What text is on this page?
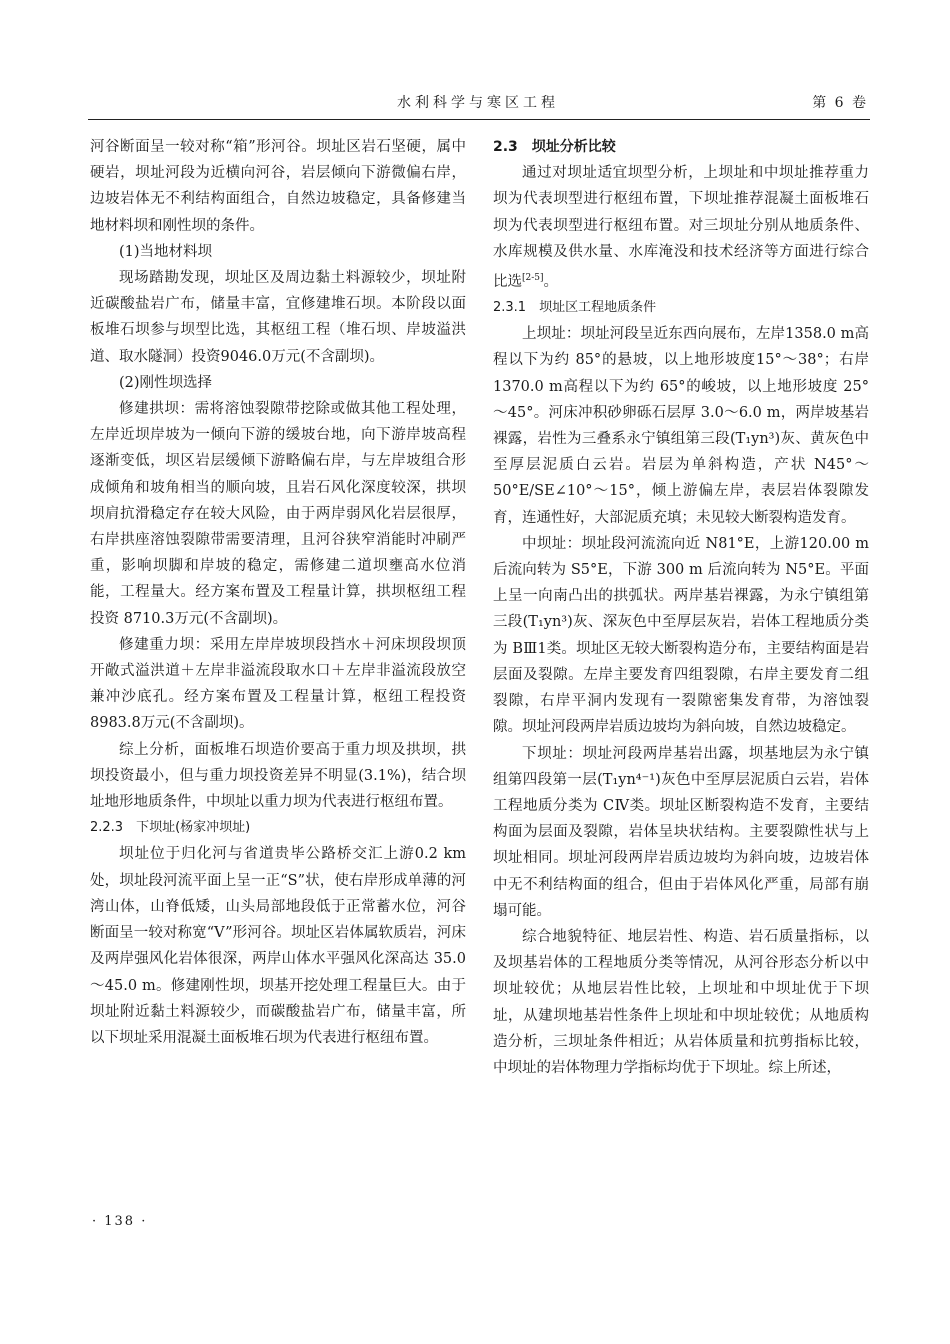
水利科学与寒区工程	第 6 卷

河谷断面呈一较对称“箱”形河谷。坝址区岩石坚硬，属中硬岩，坝址河段为近横向河谷，岩层倾向下游微偏右岸，边坡岩体无不利结构面组合，自然边坡稳定，具备修建当地材料坝和刚性坝的条件。

(1)当地材料坝

现场踏勘发现，坝址区及周边黏土料源较少，坝址附近碳酸盐岩广布，储量丰富，宜修建堆石坝。本阶段以面板堆石坝参与坝型比选，其枢纽工程（堆石坝、岸坡溢洪道、取水隧洞）投资9046.0万元(不含副坝)。

(2)刚性坝选择

修建拱坝：需将溶蚀裂隙带挖除或做其他工程处理，左岸近坝岸坡为一倾向下游的缓坡台地，向下游岸坡高程逐渐变低，坝区岩层缓倾下游略偏右岸，与左岸坡组合形成倾角和坡角相当的顺向坡，且岩石风化深度较深，拱坝坝肩抗滑稳定存在较大风险，由于两岸弱风化岩层很厚，右岸拱座溶蚀裂隙带需要清理，且河谷狭窄消能时冲刷严重，影响坝脚和岸坡的稳定，需修建二道坝壅高水位消能，工程量大。经方案布置及工程量计算，拱坝枢纽工程投资 8710.3万元(不含副坝)。

修建重力坝：采用左岸岸坡坝段挡水＋河床坝段坝顶开敞式溢洪道＋左岸非溢流段取水口＋左岸非溢流段放空兼冲沙底孔。经方案布置及工程量计算，枢纽工程投资 8983.8万元(不含副坝)。

综上分析，面板堆石坝造价要高于重力坝及拱坝，拱坝投资最小，但与重力坝投资差异不明显(3.1%)，结合坝址地形地质条件，中坝址以重力坝为代表进行枢纽布置。

2.2.3　下坝址(杨家冲坝址)

坝址位于归化河与省道贵毕公路桥交汇上游0.2 km处，坝址段河流平面上呈一正“S”状，使右岸形成单薄的河湾山体，山脊低矮，山头局部地段低于正常蓄水位，河谷断面呈一较对称宽“V”形河谷。坝址区岩体属软质岩，河床及两岸强风化岩体很深，两岸山体水平强风化深高达 35.0～45.0 m。修建刚性坝，坝基开挖处理工程量巨大。由于坝址附近黏土料源较少，而碳酸盐岩广布，储量丰富，所以下坝址采用混凝土面板堆石坝为代表进行枢纽布置。

2.3　坝址分析比较

通过对坝址适宜坝型分析，上坝址和中坝址推荐重力坝为代表坝型进行枢纽布置，下坝址推荐混凝土面板堆石坝为代表坝型进行枢纽布置。对三坝址分别从地质条件、水库规模及供水量、水库淹没和技术经济等方面进行综合比选[2-5]。

2.3.1　坝址区工程地质条件

上坝址：坝址河段呈近东西向展布，左岸1358.0 m高程以下为约 85°的悬坡，以上地形坡度15°～38°；右岸 1370.0 m高程以下为约 65°的峻坡，以上地形坡度 25°～45°。河床冲积砂卵砾石层厚 3.0～6.0 m，两岸坡基岩裸露，岩性为三叠系永宁镇组第三段(T₁yn³)灰、黄灰色中至厚层泥质白云岩。岩层为单斜构造，产状 N45°～50°E/SE∠10°～15°，倾上游偏左岸，表层岩体裂隙发育，连通性好，大部泥质充填；未见较大断裂构造发育。

中坝址：坝址段河流流向近 N81°E，上游120.00 m后流向转为 S5°E，下游 300 m 后流向转为 N5°E。平面上呈一向南凸出的拱弧状。两岸基岩裸露，为永宁镇组第三段(T₁yn³)灰、深灰色中至厚层灰岩，岩体工程地质分类为 BⅢ1类。坝址区无较大断裂构造分布，主要结构面是岩层面及裂隙。左岸主要发育四组裂隙，右岸主要发育二组裂隙，右岸平洞内发现有一裂隙密集发育带，为溶蚀裂隙。坝址河段两岸岩质边坡均为斜向坡，自然边坡稳定。

下坝址：坝址河段两岸基岩出露，坝基地层为永宁镇组第四段第一层(T₁yn⁴⁻¹)灰色中至厚层泥质白云岩，岩体工程地质分类为 CⅣ类。坝址区断裂构造不发育，主要结构面为层面及裂隙，岩体呈块状结构。主要裂隙性状与上坝址相同。坝址河段两岸岩质边坡均为斜向坡，边坡岩体中无不利结构面的组合，但由于岩体风化严重，局部有崩塌可能。

综合地貌特征、地层岩性、构造、岩石质量指标，以及坝基岩体的工程地质分类等情况，从河谷形态分析以中坝址较优；从地层岩性比较，上坝址和中坝址优于下坝址，从建坝地基岩性条件上坝址和中坝址较优；从地质构造分析，三坝址条件相近；从岩体质量和抗剪指标比较，中坝址的岩体物理力学指标均优于下坝址。综上所述，

· 138 ·
